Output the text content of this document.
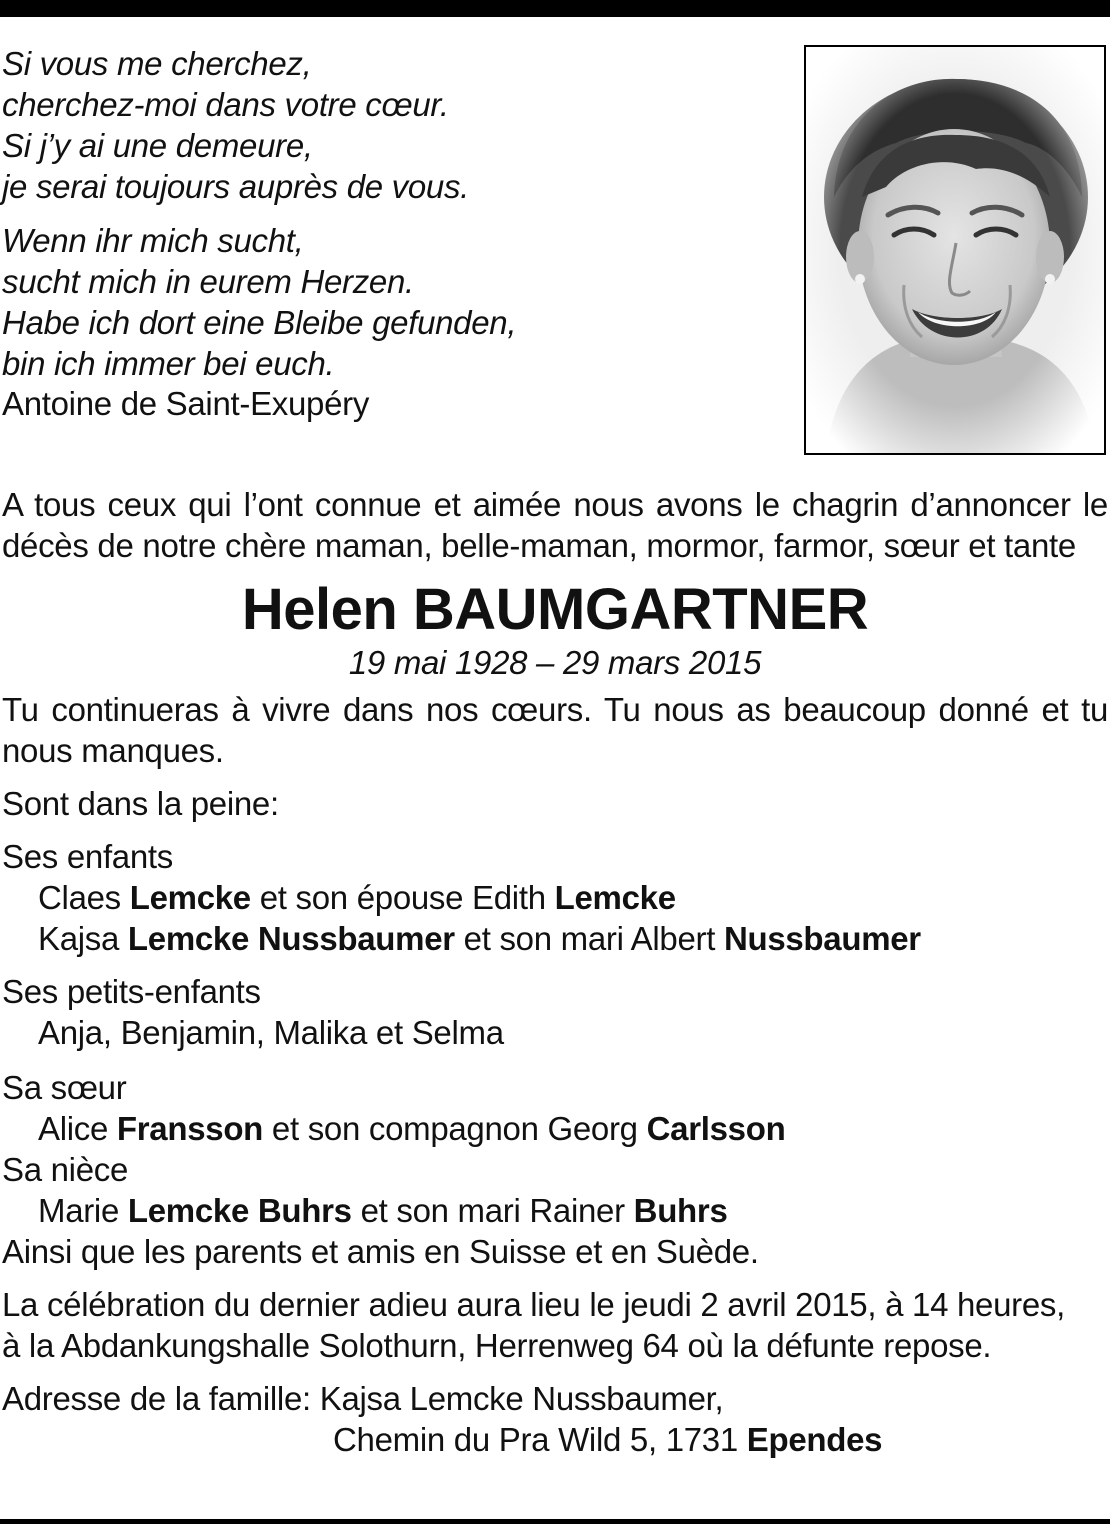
Si vous me cherchez,
cherchez-moi dans votre cœur.
Si j’y ai une demeure,
je serai toujours auprès de vous.
Wenn ihr mich sucht,
sucht mich in eurem Herzen.
Habe ich dort eine Bleibe gefunden,
bin ich immer bei euch.
Antoine de Saint-Exupéry
A tous ceux qui l’ont connue et aimée nous avons le chagrin d’annoncer le décès de notre chère maman, belle-maman, mormor, farmor, sœur et tante
Helen BAUMGARTNER
19 mai 1928 – 29 mars 2015
Tu continueras à vivre dans nos cœurs. Tu nous as beaucoup donné et tu nous manques.
Sont dans la peine:
Ses enfants
Claes Lemcke et son épouse Edith Lemcke
Kajsa Lemcke Nussbaumer et son mari Albert Nussbaumer
Ses petits-enfants
Anja, Benjamin, Malika et Selma
Sa sœur
Alice Fransson et son compagnon Georg Carlsson
Sa nièce
Marie Lemcke Buhrs et son mari Rainer Buhrs
Ainsi que les parents et amis en Suisse et en Suède.
La célébration du dernier adieu aura lieu le jeudi 2 avril 2015, à 14 heures,
à la Abdankungshalle Solothurn, Herrenweg 64 où la défunte repose.
Adresse de la famille: Kajsa Lemcke Nussbaumer,
Chemin du Pra Wild 5, 1731 Ependes
